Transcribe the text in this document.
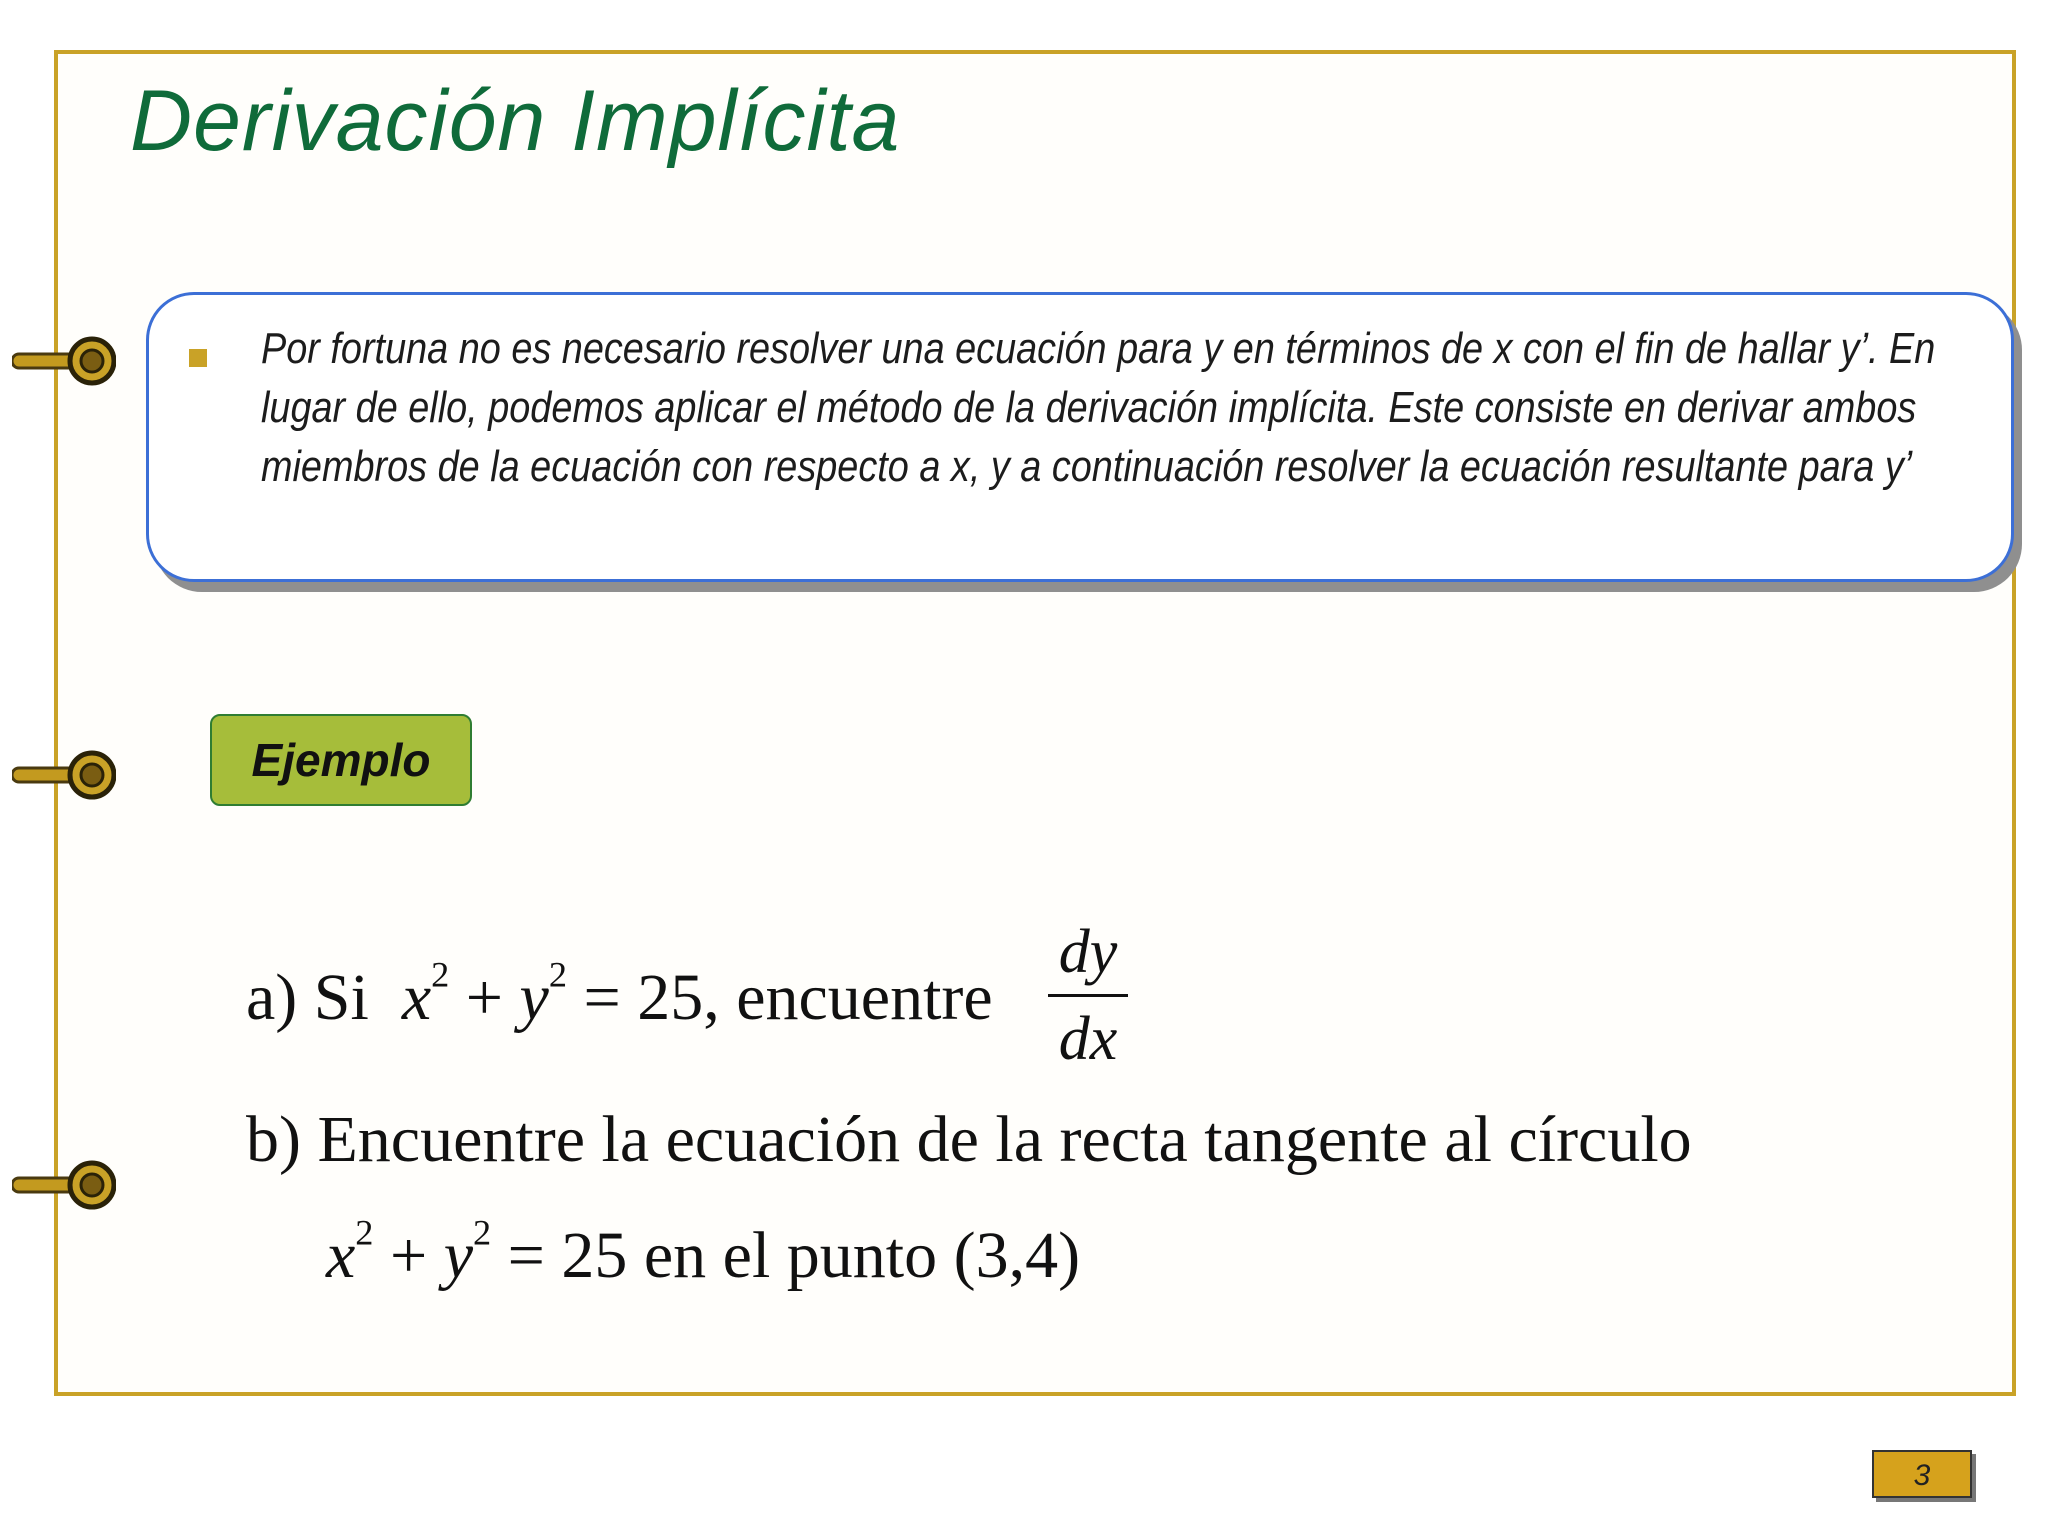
Derivación Implícita
Por fortuna no es necesario resolver una ecuación para y en términos de x con el fin de hallar y’. En lugar de ello, podemos aplicar el método de la derivación implícita. Este consiste en derivar ambos miembros de la ecuación con respecto a x, y a continuación resolver la ecuación resultante para y’
Ejemplo
a) Si $x^2 + y^2 = 25$, encuentre
dy
dx
b) Encuentre la ecuación de la recta tangente al círculo
$x^2 + y^2 = 25$ en el punto (3,4)
3
